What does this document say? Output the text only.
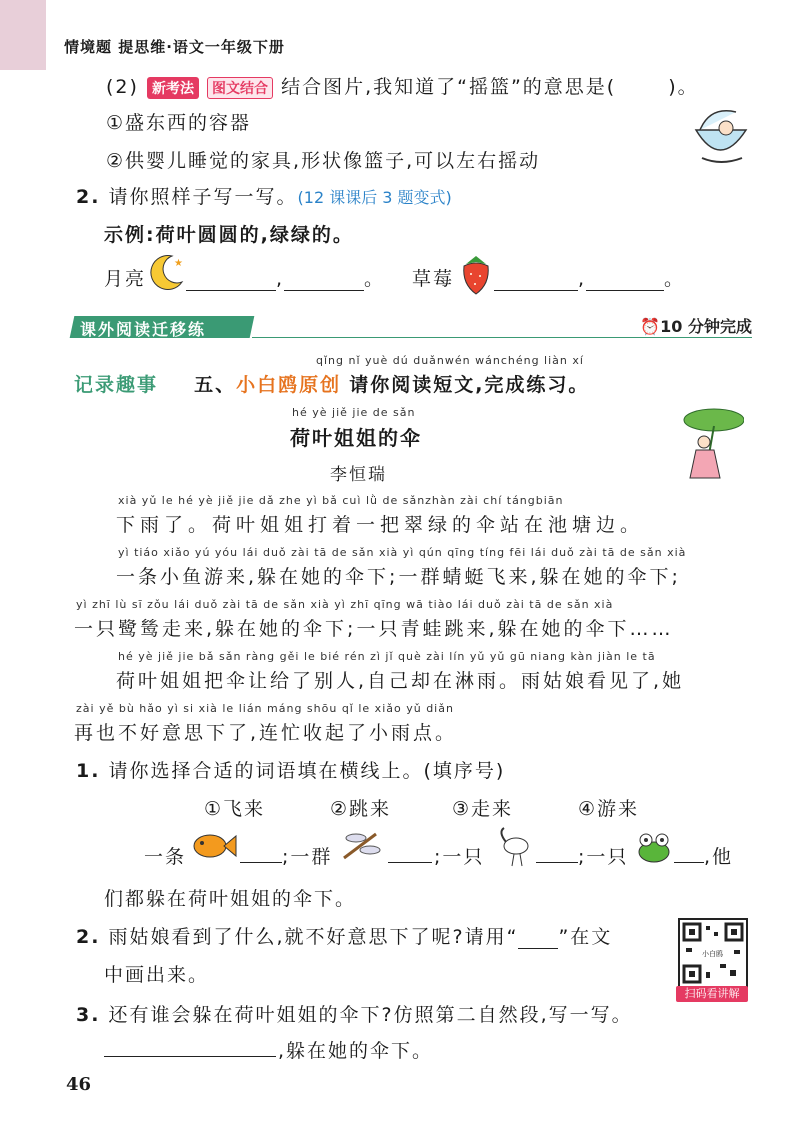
情境题 提思维·语文一年级下册
(2) 新考法 图文结合 结合图片,我知道了“摇篮”的意思是(	)。
①盛东西的容器
②供婴儿睡觉的家具,形状像篮子,可以左右摇动
2. 请你照样子写一写。(12 课课后 3 题变式)
示例:荷叶圆圆的,绿绿的。
月亮
★
,	。 草莓	,	。
课外阅读迁移练	⏰10 分钟完成
qǐng nǐ yuè dú duǎnwén wánchéng liàn xí
记录趣事 五、小白鸥原创 请你阅读短文,完成练习。
hé yè jiě jie de sǎn
荷叶姐姐的伞
李恒瑞
xià yǔ le hé yè jiě jie dǎ zhe yì bǎ cuì lǜ de sǎnzhàn zài chí tángbiān
下雨了。荷叶姐姐打着一把翠绿的伞站在池塘边。
yì tiáo xiǎo yú yóu lái duǒ zài tā de sǎn xià yì qún qīng tíng fēi lái duǒ zài tā de sǎn xià
一条小鱼游来,躲在她的伞下;一群蜻蜓飞来,躲在她的伞下;
yì zhī lù sī zǒu lái duǒ zài tā de sǎn xià yì zhī qīng wā tiào lái duǒ zài tā de sǎn xià
一只鹭鸶走来,躲在她的伞下;一只青蛙跳来,躲在她的伞下……
hé yè jiě jie bǎ sǎn ràng gěi le bié rén zì jǐ què zài lín yǔ yǔ gū niang kàn jiàn le tā
荷叶姐姐把伞让给了别人,自己却在淋雨。雨姑娘看见了,她
zài yě bù hǎo yì si xià le lián máng shōu qǐ le xiǎo yǔ diǎn
再也不好意思下了,连忙收起了小雨点。
1. 请你选择合适的词语填在横线上。(填序号)
①飞来	②跳来	③走来	④游来
一条	;一群	;一只	;一只	,他
们都躲在荷叶姐姐的伞下。
2. 雨姑娘看到了什么,就不好意思下了呢?请用“ ”在文
中画出来。
小白鸥
扫码看讲解
3. 还有谁会躲在荷叶姐姐的伞下?仿照第二自然段,写一写。
,躲在她的伞下。
46
